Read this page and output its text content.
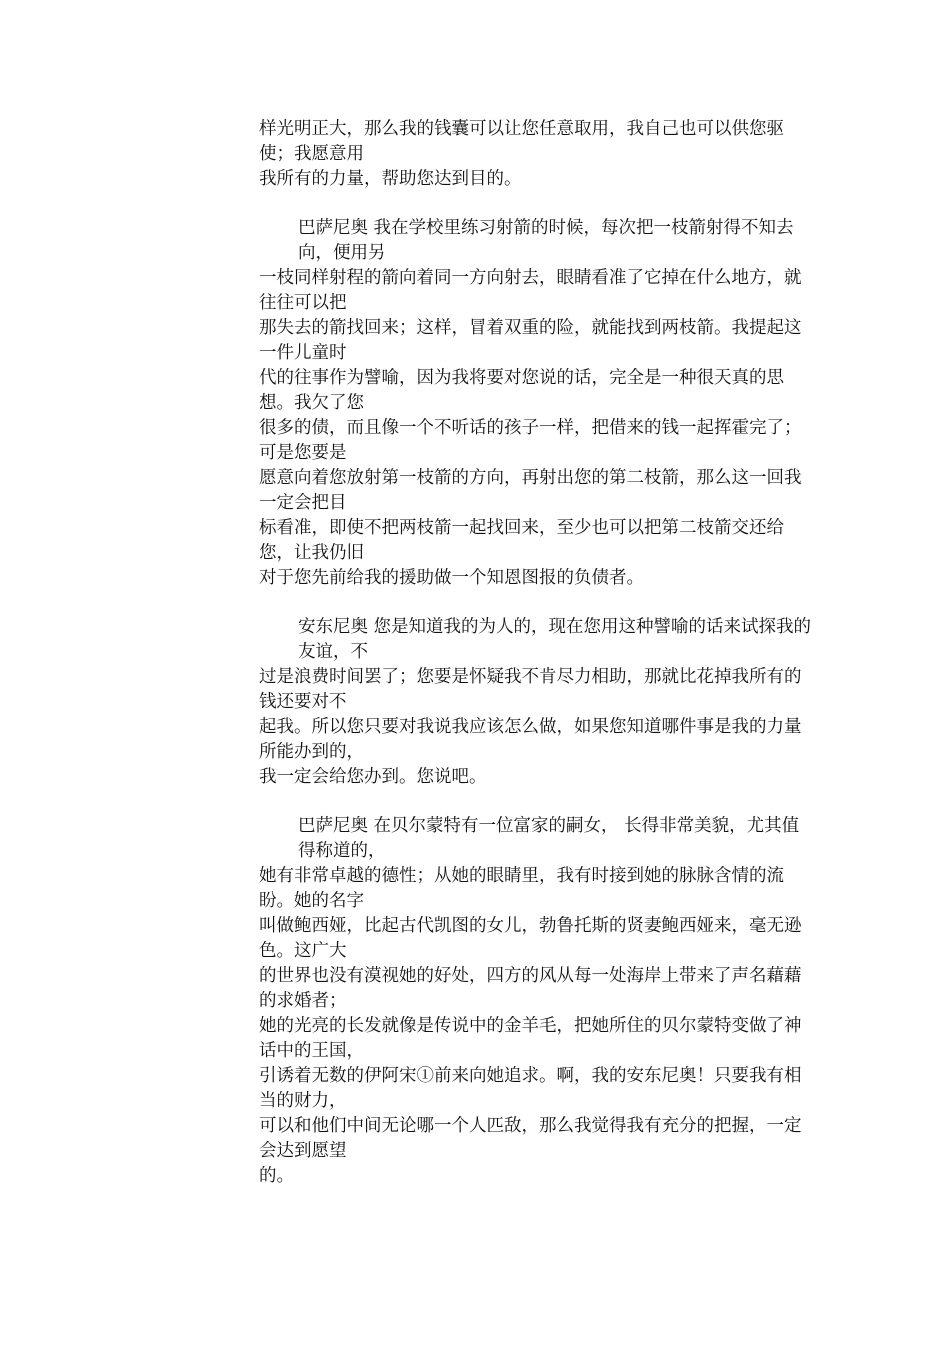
样光明正大，那么我的钱囊可以让您任意取用，我自己也可以供您驱使；我愿意用
我所有的力量，帮助您达到目的。

巴萨尼奥 我在学校里练习射箭的时候，每次把一枝箭射得不知去向，便用另
一枝同样射程的箭向着同一方向射去，眼睛看准了它掉在什么地方，就往往可以把
那失去的箭找回来；这样，冒着双重的险，就能找到两枝箭。我提起这一件儿童时
代的往事作为譬喻，因为我将要对您说的话，完全是一种很天真的思想。我欠了您
很多的债，而且像一个不听话的孩子一样，把借来的钱一起挥霍完了；可是您要是
愿意向着您放射第一枝箭的方向，再射出您的第二枝箭，那么这一回我一定会把目
标看准，即使不把两枝箭一起找回来，至少也可以把第二枝箭交还给您，让我仍旧
对于您先前给我的援助做一个知恩图报的负债者。

安东尼奥 您是知道我的为人的，现在您用这种譬喻的话来试探我的友谊，不
过是浪费时间罢了；您要是怀疑我不肯尽力相助，那就比花掉我所有的钱还要对不
起我。所以您只要对我说我应该怎么做，如果您知道哪件事是我的力量所能办到的，
我一定会给您办到。您说吧。

巴萨尼奥 在贝尔蒙特有一位富家的嗣女， 长得非常美貌，尤其值得称道的，
她有非常卓越的德性；从她的眼睛里，我有时接到她的脉脉含情的流盼。她的名字
叫做鲍西娅，比起古代凯图的女儿，勃鲁托斯的贤妻鲍西娅来，毫无逊色。这广大
的世界也没有漠视她的好处，四方的风从每一处海岸上带来了声名藉藉的求婚者；
她的光亮的长发就像是传说中的金羊毛，把她所住的贝尔蒙特变做了神话中的王国，
引诱着无数的伊阿宋①前来向她追求。啊，我的安东尼奥！只要我有相当的财力，
可以和他们中间无论哪一个人匹敌，那么我觉得我有充分的把握，一定会达到愿望
的。
